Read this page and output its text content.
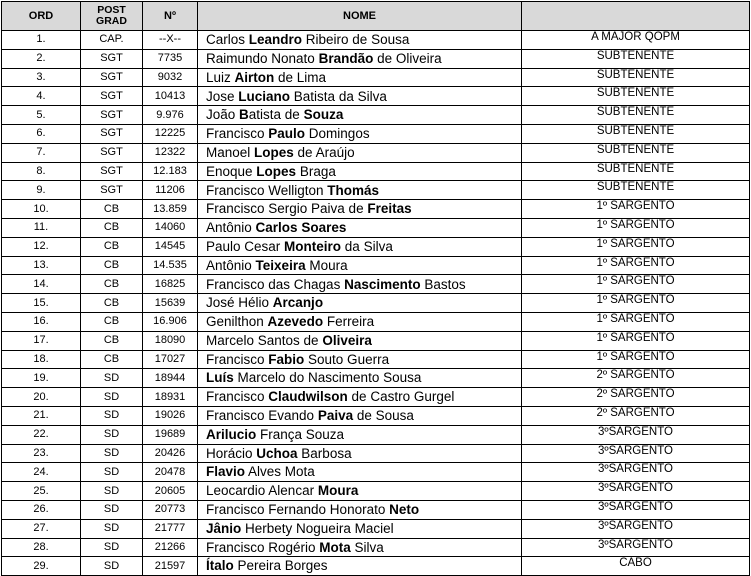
ORD	POST GRAD	Nº	NOME	
1.	CAP.	--X--	Carlos Leandro Ribeiro de Sousa	A MAJOR QOPM
2.	SGT	7735	Raimundo Nonato Brandão de Oliveira	SUBTENENTE
3.	SGT	9032	Luiz Airton de Lima	SUBTENENTE
4.	SGT	10413	Jose Luciano Batista da Silva	SUBTENENTE
5.	SGT	9.976	João Batista de Souza	SUBTENENTE
6.	SGT	12225	Francisco Paulo Domingos	SUBTENENTE
7.	SGT	12322	Manoel Lopes de Araújo	SUBTENENTE
8.	SGT	12.183	Enoque Lopes Braga	SUBTENENTE
9.	SGT	11206	Francisco Welligton Thomás	SUBTENENTE
10.	CB	13.859	Francisco Sergio Paiva de Freitas	1º SARGENTO
11.	CB	14060	Antônio Carlos Soares	1º SARGENTO
12.	CB	14545	Paulo Cesar Monteiro da Silva	1º SARGENTO
13.	CB	14.535	Antônio Teixeira Moura	1º SARGENTO
14.	CB	16825	Francisco das Chagas Nascimento Bastos	1º SARGENTO
15.	CB	15639	José Hélio Arcanjo	1º SARGENTO
16.	CB	16.906	Genilthon Azevedo Ferreira	1º SARGENTO
17.	CB	18090	Marcelo Santos de Oliveira	1º SARGENTO
18.	CB	17027	Francisco Fabio Souto Guerra	1º SARGENTO
19.	SD	18944	Luís Marcelo do Nascimento Sousa	2º SARGENTO
20.	SD	18931	Francisco Claudwilson de Castro Gurgel	2º SARGENTO
21.	SD	19026	Francisco Evando Paiva de Sousa	2º SARGENTO
22.	SD	19689	Arilucio França Souza	3ºSARGENTO
23.	SD	20426	Horácio Uchoa Barbosa	3ºSARGENTO
24.	SD	20478	Flavio Alves Mota	3ºSARGENTO
25.	SD	20605	Leocardio Alencar Moura	3ºSARGENTO
26.	SD	20773	Francisco Fernando Honorato Neto	3ºSARGENTO
27.	SD	21777	Jânio Herbety Nogueira Maciel	3ºSARGENTO
28.	SD	21266	Francisco Rogério Mota Silva	3ºSARGENTO
29.	SD	21597	Ítalo Pereira Borges	CABO
